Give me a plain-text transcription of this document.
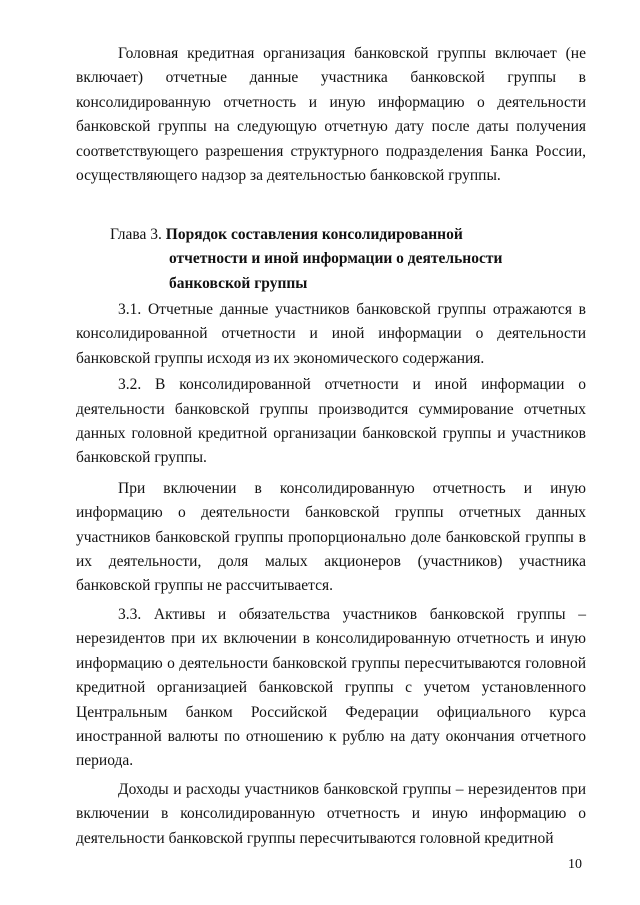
Головная кредитная организация банковской группы включает (не включает) отчетные данные участника банковской группы в консолидированную отчетность и иную информацию о деятельности банковской группы на следующую отчетную дату после даты получения соответствующего разрешения структурного подразделения Банка России, осуществляющего надзор за деятельностью банковской группы.

Глава 3. Порядок составления консолидированной
отчетности и иной информации о деятельности
банковской группы

3.1. Отчетные данные участников банковской группы отражаются в консолидированной отчетности и иной информации о деятельности банковской группы исходя из их экономического содержания.

3.2. В консолидированной отчетности и иной информации о деятельности банковской группы производится суммирование отчетных данных головной кредитной организации банковской группы и участников банковской группы.

При включении в консолидированную отчетность и иную информацию о деятельности банковской группы отчетных данных участников банковской группы пропорционально доле банковской группы в их деятельности, доля малых акционеров (участников) участника банковской группы не рассчитывается.

3.3. Активы и обязательства участников банковской группы – нерезидентов при их включении в консолидированную отчетность и иную информацию о деятельности банковской группы пересчитываются головной кредитной организацией банковской группы с учетом установленного Центральным банком Российской Федерации официального курса иностранной валюты по отношению к рублю на дату окончания отчетного периода.

Доходы и расходы участников банковской группы – нерезидентов при включении в консолидированную отчетность и иную информацию о деятельности банковской группы пересчитываются головной кредитной

10
